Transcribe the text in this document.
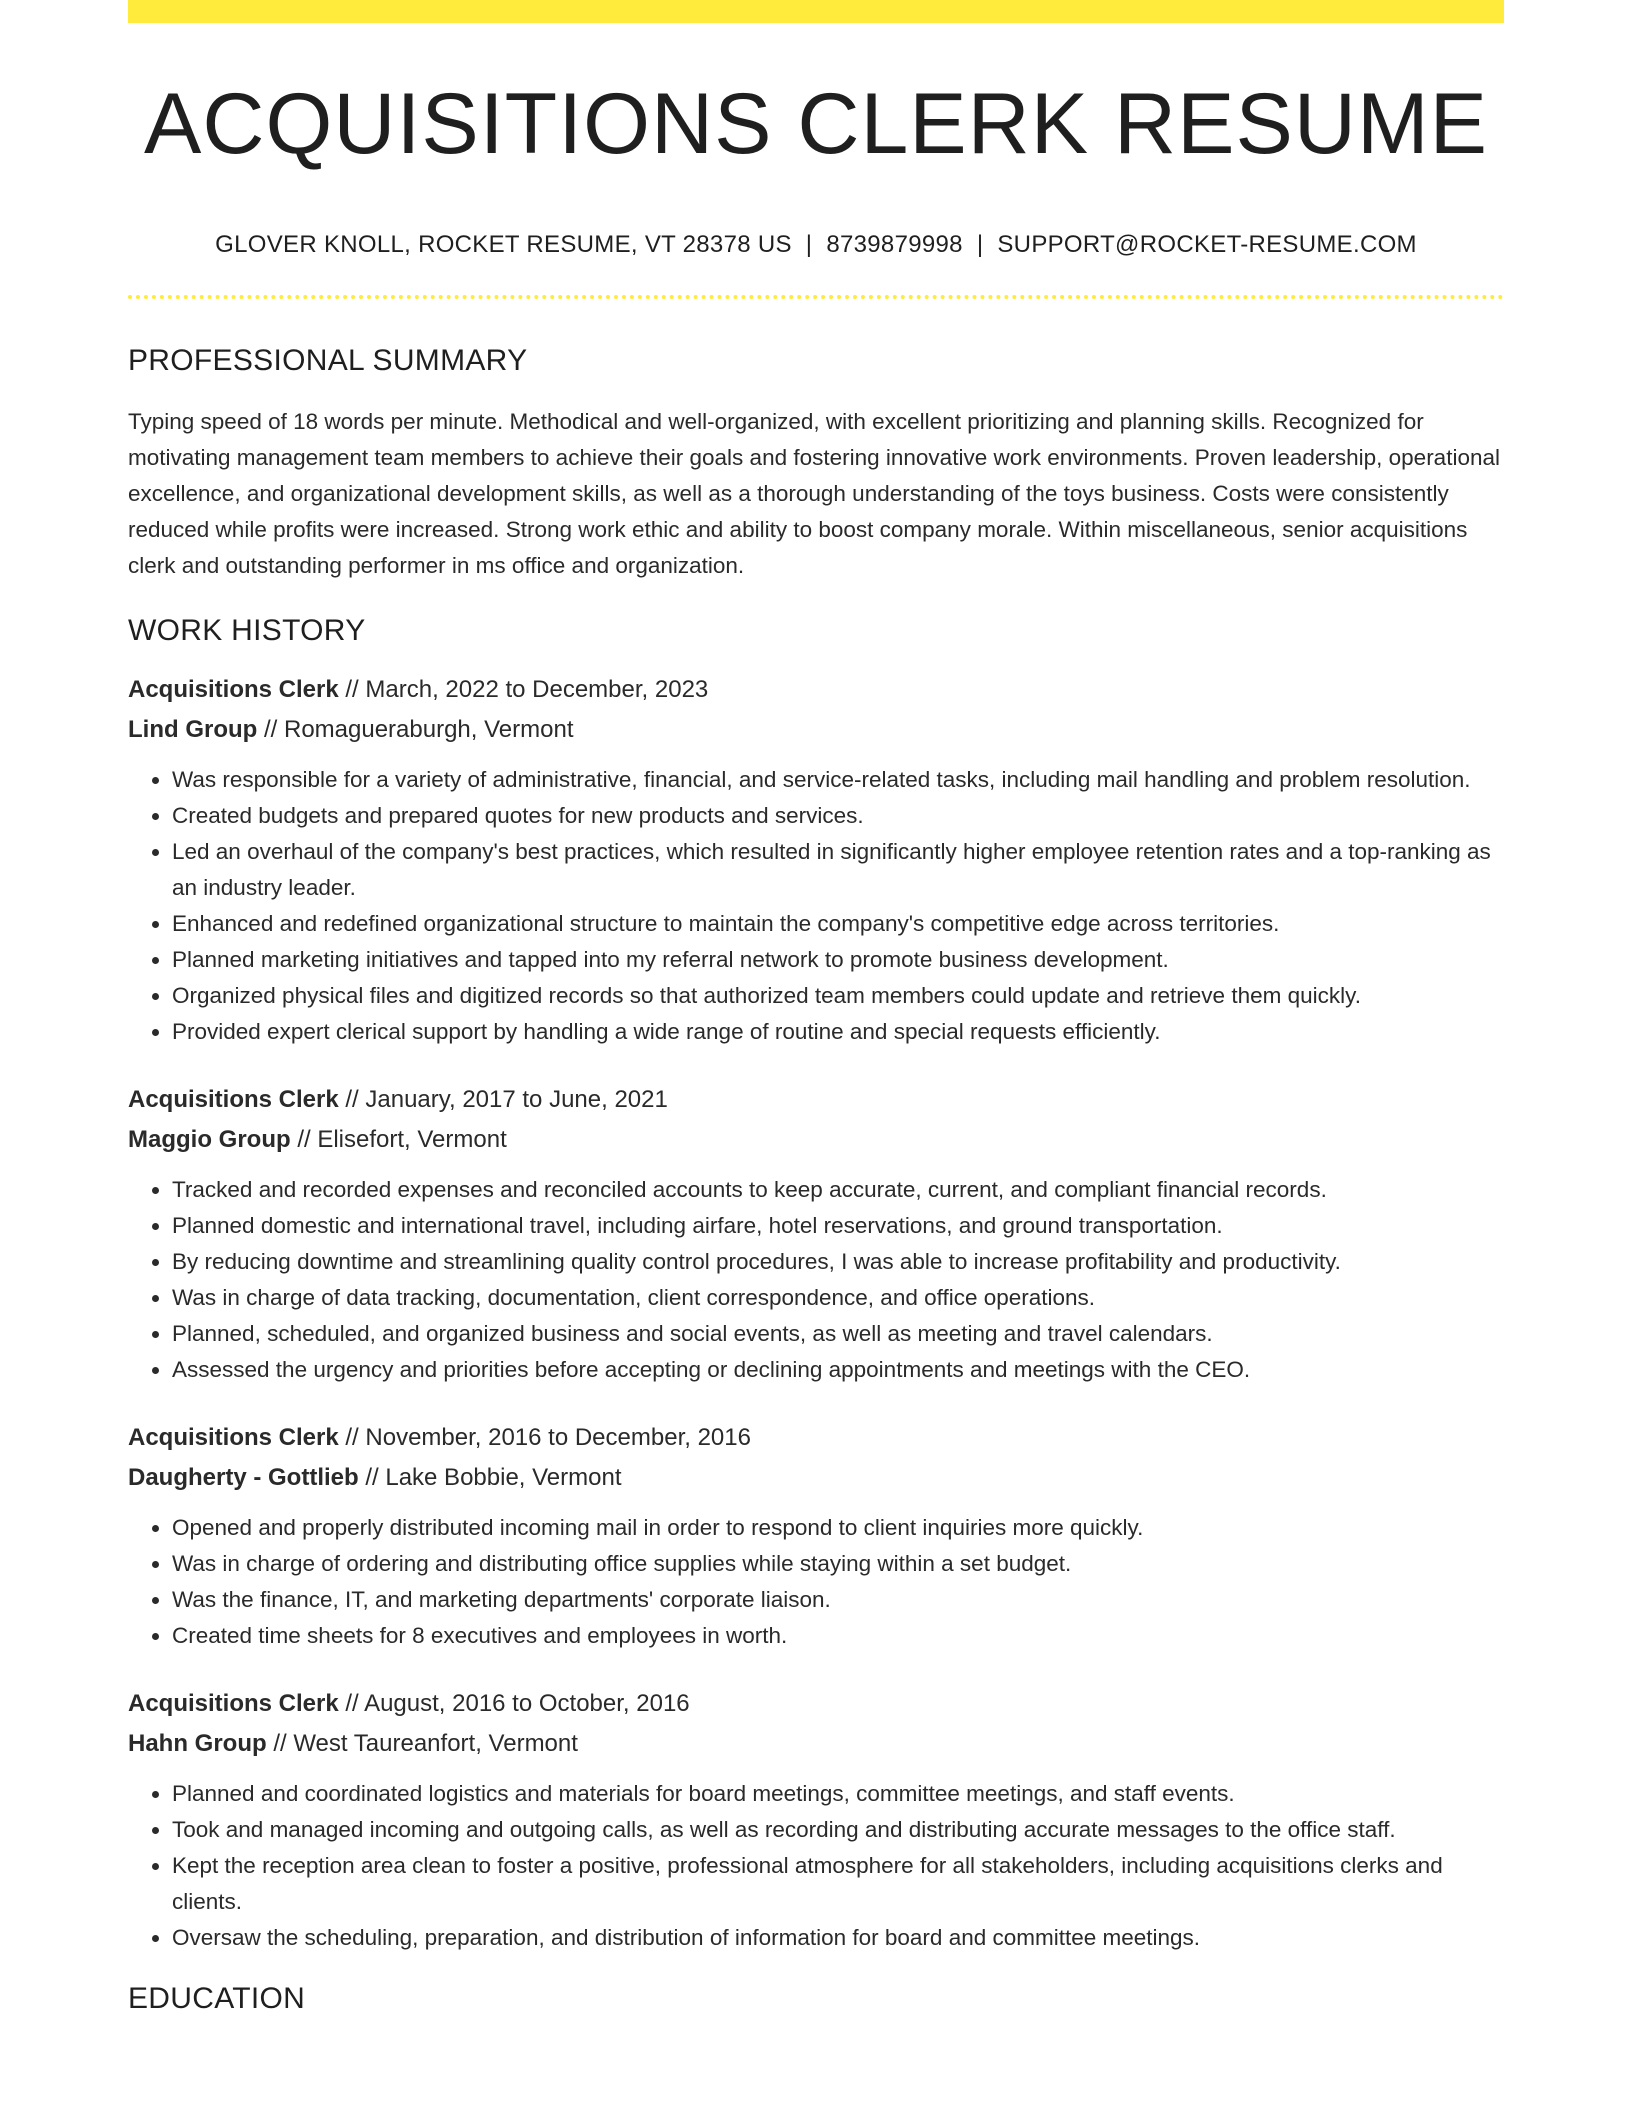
ACQUISITIONS CLERK RESUME
GLOVER KNOLL, ROCKET RESUME, VT 28378 US | 8739879998 | SUPPORT@ROCKET-RESUME.COM
PROFESSIONAL SUMMARY
Typing speed of 18 words per minute. Methodical and well-organized, with excellent prioritizing and planning skills. Recognized for motivating management team members to achieve their goals and fostering innovative work environments. Proven leadership, operational excellence, and organizational development skills, as well as a thorough understanding of the toys business. Costs were consistently reduced while profits were increased. Strong work ethic and ability to boost company morale. Within miscellaneous, senior acquisitions clerk and outstanding performer in ms office and organization.
WORK HISTORY
Acquisitions Clerk // March, 2022 to December, 2023
Lind Group // Romagueraburgh, Vermont
• Was responsible for a variety of administrative, financial, and service-related tasks, including mail handling and problem resolution.
• Created budgets and prepared quotes for new products and services.
• Led an overhaul of the company's best practices, which resulted in significantly higher employee retention rates and a top-ranking as an industry leader.
• Enhanced and redefined organizational structure to maintain the company's competitive edge across territories.
• Planned marketing initiatives and tapped into my referral network to promote business development.
• Organized physical files and digitized records so that authorized team members could update and retrieve them quickly.
• Provided expert clerical support by handling a wide range of routine and special requests efficiently.
Acquisitions Clerk // January, 2017 to June, 2021
Maggio Group // Elisefort, Vermont
• Tracked and recorded expenses and reconciled accounts to keep accurate, current, and compliant financial records.
• Planned domestic and international travel, including airfare, hotel reservations, and ground transportation.
• By reducing downtime and streamlining quality control procedures, I was able to increase profitability and productivity.
• Was in charge of data tracking, documentation, client correspondence, and office operations.
• Planned, scheduled, and organized business and social events, as well as meeting and travel calendars.
• Assessed the urgency and priorities before accepting or declining appointments and meetings with the CEO.
Acquisitions Clerk // November, 2016 to December, 2016
Daugherty - Gottlieb // Lake Bobbie, Vermont
• Opened and properly distributed incoming mail in order to respond to client inquiries more quickly.
• Was in charge of ordering and distributing office supplies while staying within a set budget.
• Was the finance, IT, and marketing departments' corporate liaison.
• Created time sheets for 8 executives and employees in worth.
Acquisitions Clerk // August, 2016 to October, 2016
Hahn Group // West Taureanfort, Vermont
• Planned and coordinated logistics and materials for board meetings, committee meetings, and staff events.
• Took and managed incoming and outgoing calls, as well as recording and distributing accurate messages to the office staff.
• Kept the reception area clean to foster a positive, professional atmosphere for all stakeholders, including acquisitions clerks and clients.
• Oversaw the scheduling, preparation, and distribution of information for board and committee meetings.
EDUCATION
